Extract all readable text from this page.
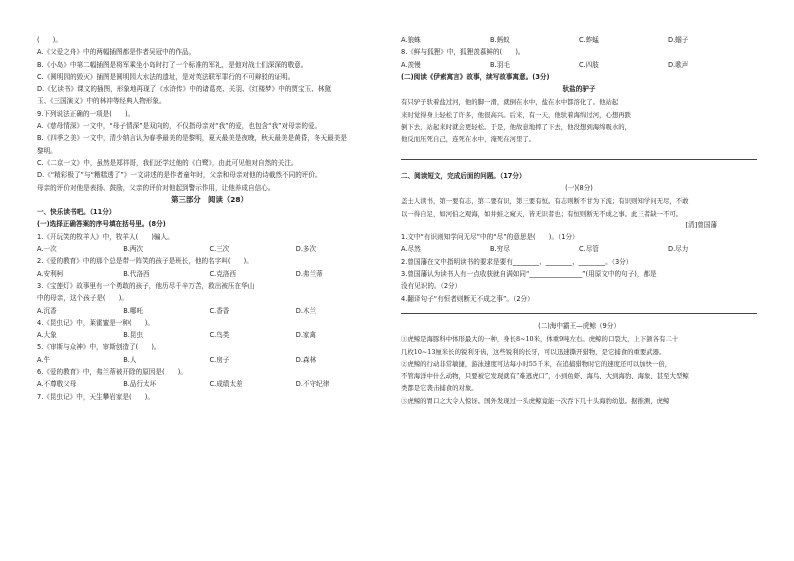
(　　)。
A.《父爱之舟》中的两幅插图都是作者吴冠中的作品。
B.《小岛》中第二幅插图是将军乘坐小岛时打了一个标准的军礼，是他对战士们深深的敬意。
C.《圆明园的毁灭》插图是圆明园大水法的遗址，是对英法联军罪行的不可辩驳的证明。
D.《忆读书》课文的插图，形象地再现了《水浒传》中的诸葛亮、关羽、《红楼梦》中的贾宝玉、林黛
玉、《三国演义》中的林冲等经典人物形象。
9.下列说法正确的一项是(　　)。
A.《慈母情深》一文中，“母子情深”是双向的，不仅指母亲对“我”的爱，也包含“我”对母亲的爱。
B.《四季之美》一文中，清少纳言认为春季最美的是黎明，夏天最美是夜晚，秋天最美是黄昏，冬天最美是
黎明。
C.《二京一文》中，虽然是郑祥哥，我们还学过他的《白鹭》，由此可见他对自然的关注。
D.《“精彩极了”与“糟糕透了”》一文讲述的是作者童年时，父亲和母亲对他的诗截然不同的评价。
母亲的评价对他是表扬、鼓励，父亲的评价对他起到警示作用，让他养成自信心。
第三部分　阅读（28）
一、快乐读书吧。（11分）
(一)选择正确答案的序号填在括号里。(8分)
1.《开玩笑的牧羊人》中，牧羊人(　　)骗人。
A.一次	B.两次	C.三次	D.多次
2.《爱的教育》中的那个总是带一阵笑的孩子是班长，他的名字叫(　　)。
A.安利柯	B.代洛西	C.克洛西	D.弗兰蒂
3.《宝莲灯》故事里有一个勇敢的孩子，他历尽千辛万苦，救出被压在华山
中的母亲，这个孩子是(　　)。
A.沉香	B.哪吒	C.香香	D.木兰
4.《昆虫记》中，莱霍蜜是一种(　　)。
A.大象	B.昆虫	C.鸟类	D.家禽
5.《审斯与众神》中，审斯创造了(　　)。
A.牛	B.人	C.房子	D.森林
6.《爱的教育》中，弗兰蒂被开除的原因是(　　)。
A.不尊敬父母	B.品行太坏	C.成绩太差	D.不守纪律
7.《昆虫记》中，天生攀岩家是(　　)。
A.狼蛛	B.蚂蚁	C.蚱蜢	D.蝈子
8.《鲜与狐狸》中，狐狸羡慕鲜的(　　)。
A.羡慢	B.羽毛	C.四肢	D.歌声
(二)阅读《伊索寓言》故事，续写故事寓意。(3分)
驮盐的驴子
有只驴子驮着盐过河，他的脚一滑，就倒在水中，盐在水中都溶化了。他站起
来时觉得身上轻松了许多，他很高兴。后来，有一天，他驮着海绵过河，心想再跌
倒下去，站起来时就会更轻松。于是，他故意地摔了下去，他没想到海绵吸水的，
他反而压死自己，连死在水中，淹死在河里了。
二、阅读短文，完成后面的问题。（17分）
(一)(8分)
盖士人读书，第一要有志，第二要有识，第三要有恒。有志则断不甘为下流；有识则知学问无尽，不敢
以一得自足，如河伯之观海，如井蛙之窥天，皆无识者也；有恒则断无不成之事。此三者缺一不可。
[清]曾国藩
1.文中“有识则知学问无尽”中的“尽”的意思是(　　)。（1分）
A.尽然	B.穷尽	C.尽管	D.尽力
2.曾国藩在文中指明读书的要求是要有________、________、________。（3分）
3.曾国藩认为读书人有一点收获就自满如同“________________”(用原文中的句子)，都是
没有见识的。（2分）
4.翻译句子“有恒者则断无不成之事”。（2分）
(二)海中霸王—虎鲸（9分）
①虎鲸是海豚科中体形最大的一种，身长8~10米，体重9吨左右。虎鲸的口裂大，上下颌各有二十
几枚10~13厘米长的锐利牙齿，这些锐利的长牙，可以迅速撕开猎物，是它捕食的重要武器。
②虎鲸的行动非常敏捷，游泳速度可达每小时55千米，在追捕猎物时它的速度还可以加快一倍，
不管海洋中什么动物，只要被它发现就有“难逃虎口”，小到鱼虾、海鸟、大到海豹、海象、甚至大型鲸
类都是它袭击捕食的对象。
③虎鲸的胃口之大令人惊讶。国外发现过一头虎鲸竟能一次吞下几十头海豹幼崽。据推测，虎鲸
